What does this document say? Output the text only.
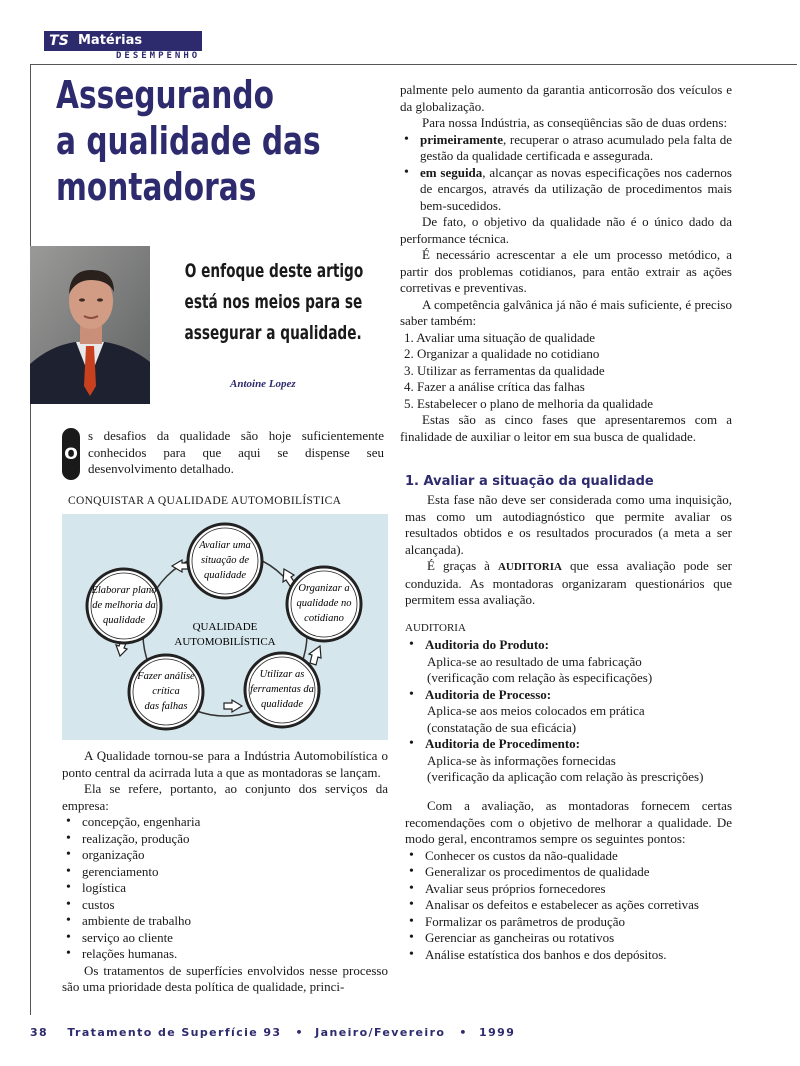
TS Matérias Técnicas
DESEMPENHO
Assegurando
a qualidade das
montadoras
O enfoque deste artigo
está nos meios para se
assegurar a qualidade.
Antoine Lopez
O
s desafios da qualidade são hoje suficientemente conhecidos para que aqui se dispense seu desenvolvimento detalhado.
CONQUISTAR A QUALIDADE AUTOMOBILÍSTICA
QUALIDADE
AUTOMOBILÍSTICA
Avaliar uma
situação de
qualidade
Organizar a
qualidade no
cotidiano
Utilizar as
ferramentas da
qualidade
Fazer análise
crítica
das falhas
Elaborar plano
de melhoria da
qualidade

A Qualidade tornou-se para a Indústria Automobilística o ponto central da acirrada luta a que as montadoras se lançam.

Ela se refere, portanto, ao conjunto dos serviços da empresa:

• concepção, engenharia
• realização, produção
• organização
• gerenciamento
• logística
• custos
• ambiente de trabalho
• serviço ao cliente
• relações humanas.

Os tratamentos de superfícies envolvidos nesse processo são uma prioridade desta política de qualidade, princi-

palmente pelo aumento da garantia anticorrosão dos veículos e da globalização.

Para nossa Indústria, as conseqüências são de duas ordens:

• primeiramente, recuperar o atraso acumulado pela falta de gestão da qualidade certificada e assegurada.
• em seguida, alcançar as novas especificações nos cadernos de encargos, através da utilização de procedimentos mais bem-sucedidos.

De fato, o objetivo da qualidade não é o único dado da performance técnica.

É necessário acrescentar a ele um processo metódico, a partir dos problemas cotidianos, para então extrair as ações corretivas e preventivas.

A competência galvânica já não é mais suficiente, é preciso saber também:

1. Avaliar uma situação de qualidade
2. Organizar a qualidade no cotidiano
3. Utilizar as ferramentas da qualidade
4. Fazer a análise crítica das falhas
5. Estabelecer o plano de melhoria da qualidade

Estas são as cinco fases que apresentaremos com a finalidade de auxiliar o leitor em sua busca de qualidade.

1. Avaliar a situação da qualidade

Esta fase não deve ser considerada como uma inquisição, mas como um autodiagnóstico que permite avaliar os resultados obtidos e os resultados procurados (a meta a ser alcançada).

É graças à AUDITORIA que essa avaliação pode ser conduzida. As montadoras organizaram questionários que permitem essa avaliação.

AUDITORIA
• Auditoria do Produto:
Aplica-se ao resultado de uma fabricação
(verificação com relação às especificações)
• Auditoria de Processo:
Aplica-se aos meios colocados em prática
(constatação de sua eficácia)
• Auditoria de Procedimento:
Aplica-se às informações fornecidas
(verificação da aplicação com relação às prescrições)

Com a avaliação, as montadoras fornecem certas recomendações com o objetivo de melhorar a qualidade. De modo geral, encontramos sempre os seguintes pontos:

• Conhecer os custos da não-qualidade
• Generalizar os procedimentos de qualidade
• Avaliar seus próprios fornecedores
• Analisar os defeitos e estabelecer as ações corretivas
• Formalizar os parâmetros de produção
• Gerenciar as gancheiras ou rotativos
• Análise estatística dos banhos e dos depósitos.
38 Tratamento de Superfície 93 • Janeiro/Fevereiro • 1999
